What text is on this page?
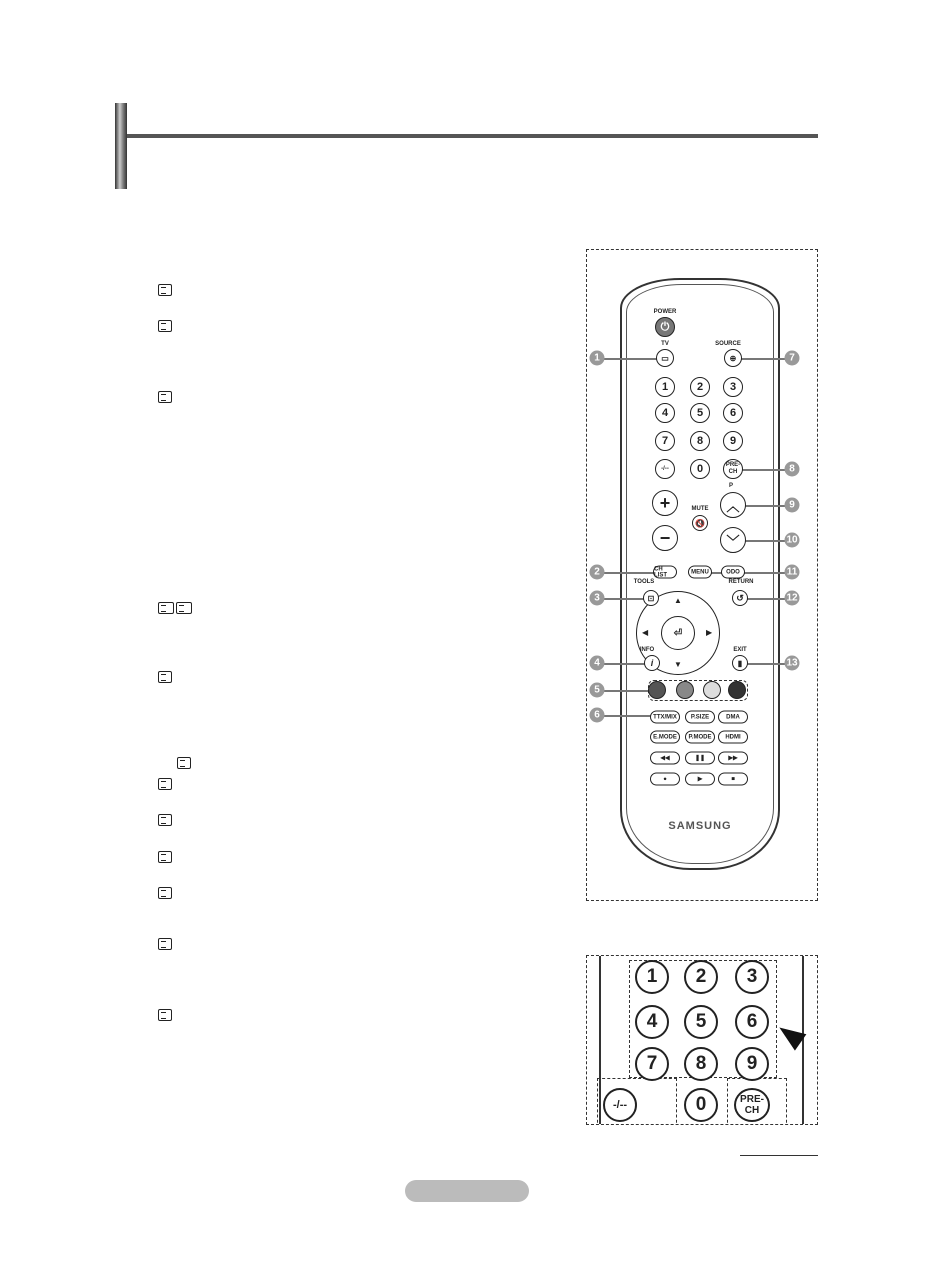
POWER
⏻
TV
▭
SOURCE
⊕
1	2	3
4	5	6
7	8	9
-/--	0	PRE-CH
+
−
MUTE
🔇
P
︿
﹀
CH LIST	MENU	ODO
▲
▼
◀	▶
⏎
TOOLS
⊡
RETURN
↺
INFO
i
EXIT
▮
TTX/MIX	P.SIZE	DMA
E.MODE	P.MODE	HDMI
◀◀	❚❚	▶▶
●	▶	■
SAMSUNG
1
2
3
4
5
6
7
8
9
10
11
12
13
1	2	3
4	5	6
7	8	9
-/--	0	PRE-CH
